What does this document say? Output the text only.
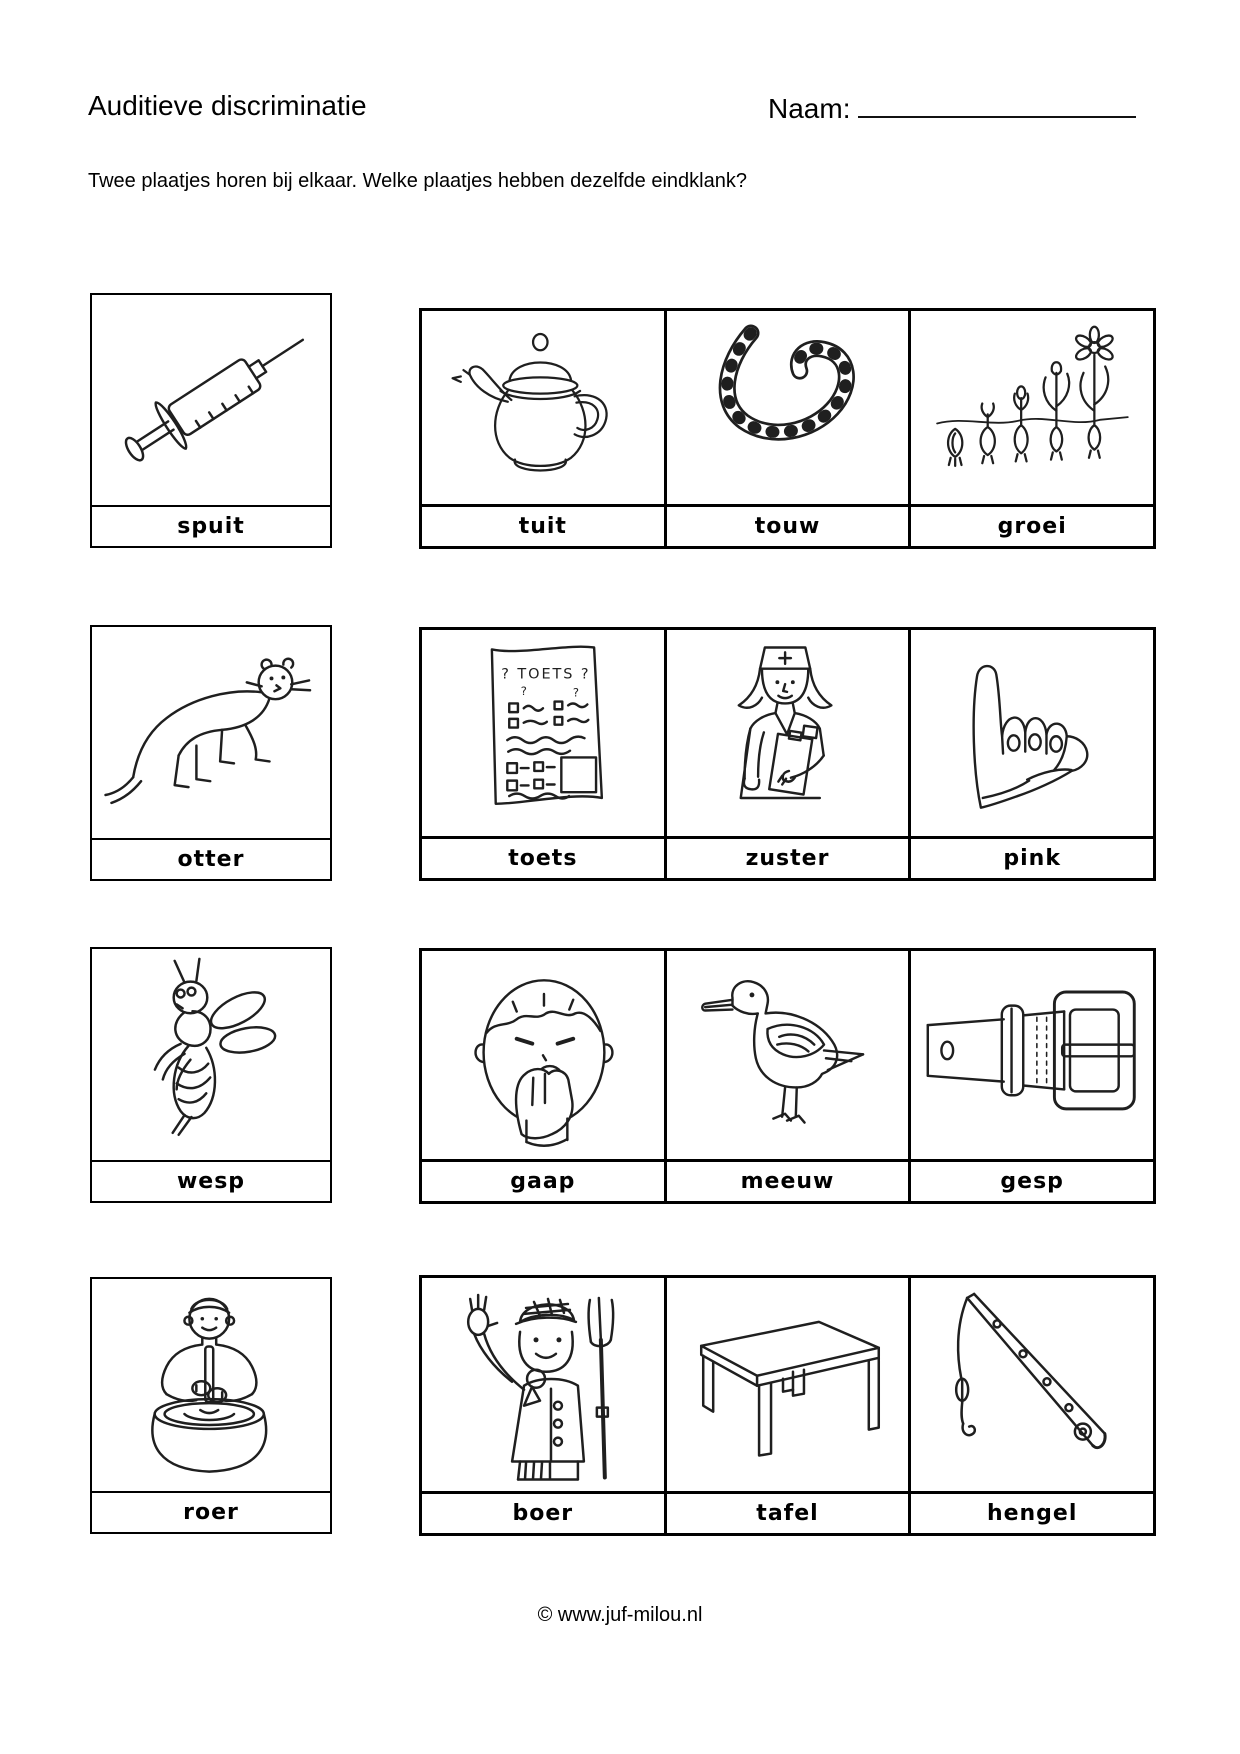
Auditieve discriminatie	Naam:
Twee plaatjes horen bij elkaar. Welke plaatjes hebben dezelfde eindklank?
spuit	tuit	touw	groei
otter
? TOETS ?
?	?
toets	zuster	pink
wesp	gaap	meeuw	gesp
roer	boer	tafel	hengel
© www.juf-milou.nl
